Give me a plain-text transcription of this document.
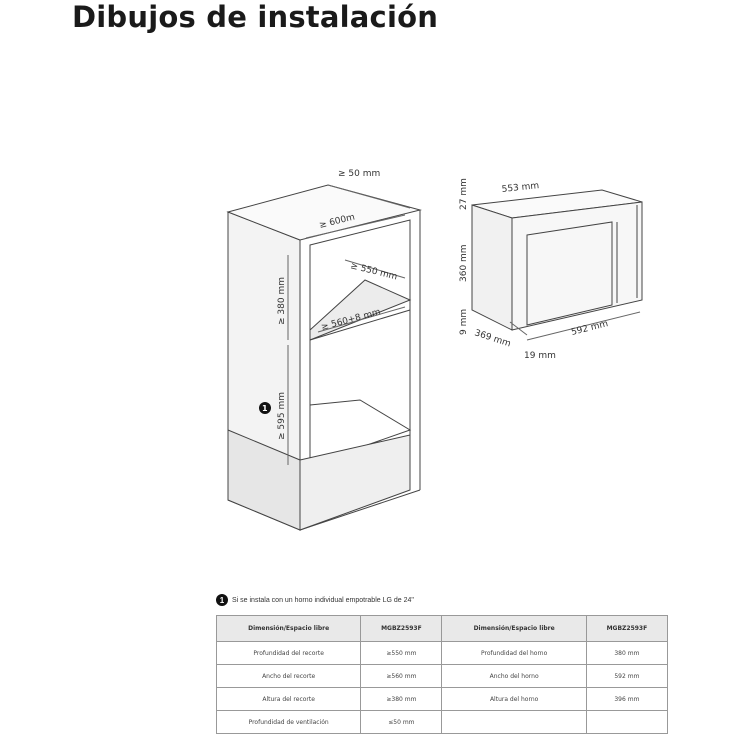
Dibujos de instalación
≥ 50 mm
≥ 600m
≥ 550 mm
≥ 560+8 mm
≥ 380 mm
≥ 595 mm
1
553 mm
27 mm
360 mm
9 mm
369 mm	592 mm
19 mm
1	Si se instala con un horno individual empotrable LG de 24"
Dimensión/Espacio libre	MGBZ2593F	Dimensión/Espacio libre	MGBZ2593F
Profundidad del recorte	≥550 mm	Profundidad del horno	380 mm
Ancho del recorte	≥560 mm	Ancho del horno	592 mm
Altura del recorte	≥380 mm	Altura del horno	396 mm
Profundidad de ventilación	≤50 mm		
